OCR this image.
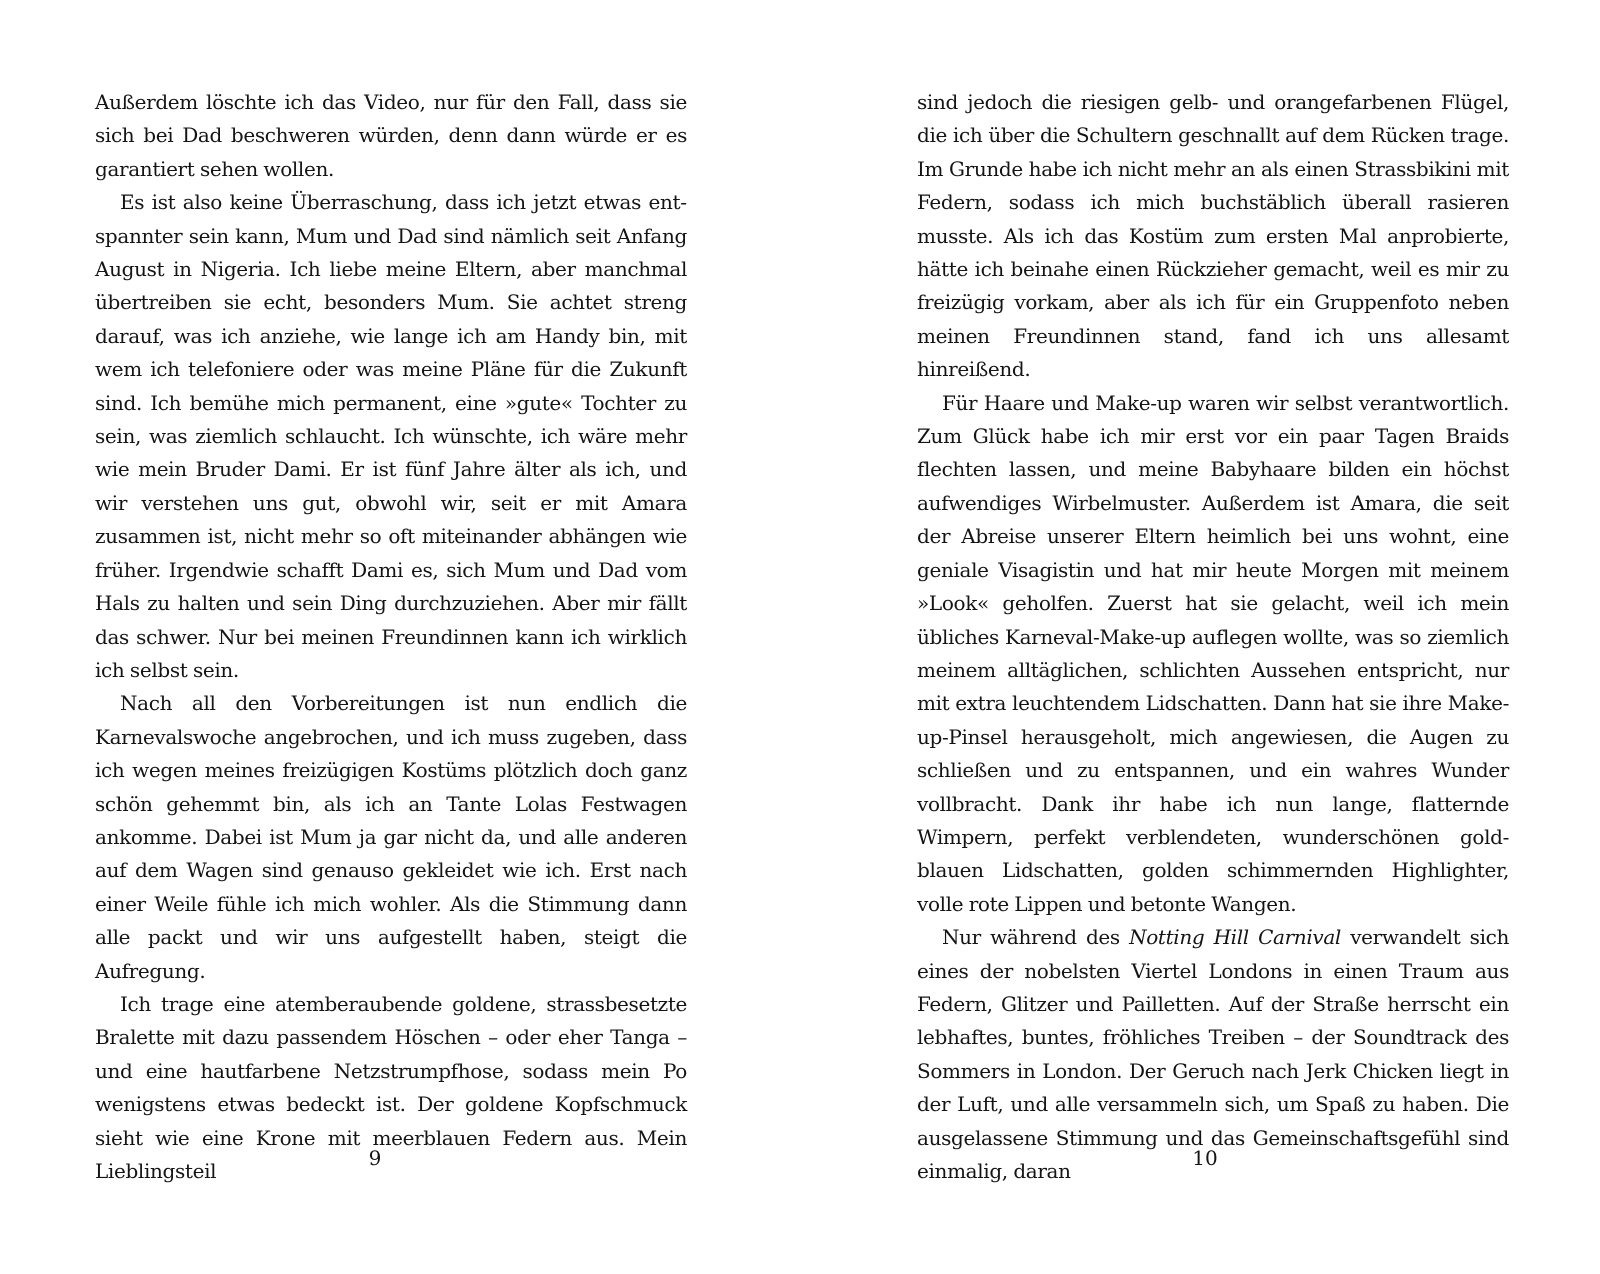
Außerdem löschte ich das Video, nur für den Fall, dass sie sich bei Dad beschweren würden, denn dann würde er es garantiert sehen wollen.

Es ist also keine Überraschung, dass ich jetzt etwas entspannter sein kann, Mum und Dad sind nämlich seit Anfang August in Nigeria. Ich liebe meine Eltern, aber manchmal übertreiben sie echt, besonders Mum. Sie achtet streng darauf, was ich anziehe, wie lange ich am Handy bin, mit wem ich telefoniere oder was meine Pläne für die Zukunft sind. Ich bemühe mich permanent, eine »gute« Tochter zu sein, was ziemlich schlaucht. Ich wünschte, ich wäre mehr wie mein Bruder Dami. Er ist fünf Jahre älter als ich, und wir verstehen uns gut, obwohl wir, seit er mit Amara zusammen ist, nicht mehr so oft miteinander abhängen wie früher. Irgendwie schafft Dami es, sich Mum und Dad vom Hals zu halten und sein Ding durchzuziehen. Aber mir fällt das schwer. Nur bei meinen Freundinnen kann ich wirklich ich selbst sein.

Nach all den Vorbereitungen ist nun endlich die Karnevalswoche angebrochen, und ich muss zugeben, dass ich wegen meines freizügigen Kostüms plötzlich doch ganz schön gehemmt bin, als ich an Tante Lolas Festwagen ankomme. Dabei ist Mum ja gar nicht da, und alle anderen auf dem Wagen sind genauso gekleidet wie ich. Erst nach einer Weile fühle ich mich wohler. Als die Stimmung dann alle packt und wir uns aufgestellt haben, steigt die Aufregung.

Ich trage eine atemberaubende goldene, strassbesetzte Bralette mit dazu passendem Höschen – oder eher Tanga – und eine hautfarbene Netzstrumpfhose, sodass mein Po wenigstens etwas bedeckt ist. Der goldene Kopfschmuck sieht wie eine Krone mit meerblauen Federn aus. Mein Lieblingsteil

9

sind jedoch die riesigen gelb- und orangefarbenen Flügel, die ich über die Schultern geschnallt auf dem Rücken trage. Im Grunde habe ich nicht mehr an als einen Strassbikini mit Federn, sodass ich mich buchstäblich überall rasieren musste. Als ich das Kostüm zum ersten Mal anprobierte, hätte ich beinahe einen Rückzieher gemacht, weil es mir zu freizügig vorkam, aber als ich für ein Gruppenfoto neben meinen Freundinnen stand, fand ich uns allesamt hinreißend.

Für Haare und Make-up waren wir selbst verantwortlich. Zum Glück habe ich mir erst vor ein paar Tagen Braids flechten lassen, und meine Babyhaare bilden ein höchst aufwendiges Wirbelmuster. Außerdem ist Amara, die seit der Abreise unserer Eltern heimlich bei uns wohnt, eine geniale Visagistin und hat mir heute Morgen mit meinem »Look« geholfen. Zuerst hat sie gelacht, weil ich mein übliches Karneval-Make-up auflegen wollte, was so ziemlich meinem alltäglichen, schlichten Aussehen entspricht, nur mit extra leuchtendem Lidschatten. Dann hat sie ihre Make-up-Pinsel herausgeholt, mich angewiesen, die Augen zu schließen und zu entspannen, und ein wahres Wunder vollbracht. Dank ihr habe ich nun lange, flatternde Wimpern, perfekt verblendeten, wunderschönen gold-blauen Lidschatten, golden schimmernden Highlighter, volle rote Lippen und betonte Wangen.

Nur während des Notting Hill Carnival verwandelt sich eines der nobelsten Viertel Londons in einen Traum aus Federn, Glitzer und Pailletten. Auf der Straße herrscht ein lebhaftes, buntes, fröhliches Treiben – der Soundtrack des Sommers in London. Der Geruch nach Jerk Chicken liegt in der Luft, und alle versammeln sich, um Spaß zu haben. Die ausgelassene Stimmung und das Gemeinschaftsgefühl sind einmalig, daran

10
